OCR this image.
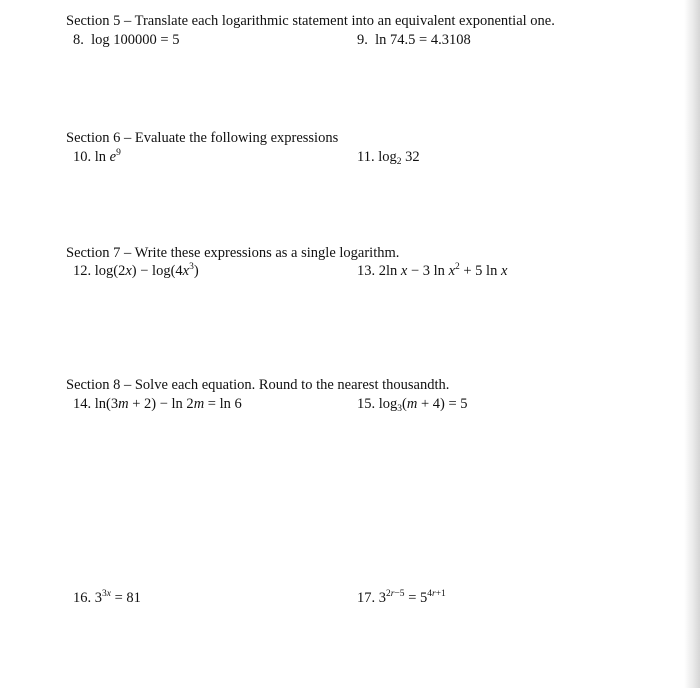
Section 5 – Translate each logarithmic statement into an equivalent exponential one.
8. log 100000 = 5	9. ln 74.5 = 4.3108
Section 6 – Evaluate the following expressions
10. $\ln e^9$	11. $\log_2 32$
Section 7 – Write these expressions as a single logarithm.
12. $\log(2x) - \log(4x^3)$	13. 2ln x − 3 $\ln x^2 + 5$ ln x
Section 8 – Solve each equation. Round to the nearest thousandth.
14. ln(3m + 2) − ln 2m = ln 6	15. $\log_3(m + 4) = 5$
16. $3^{3x} = 81$	17. $3^{2r-5} = 5^{4r+1}$
